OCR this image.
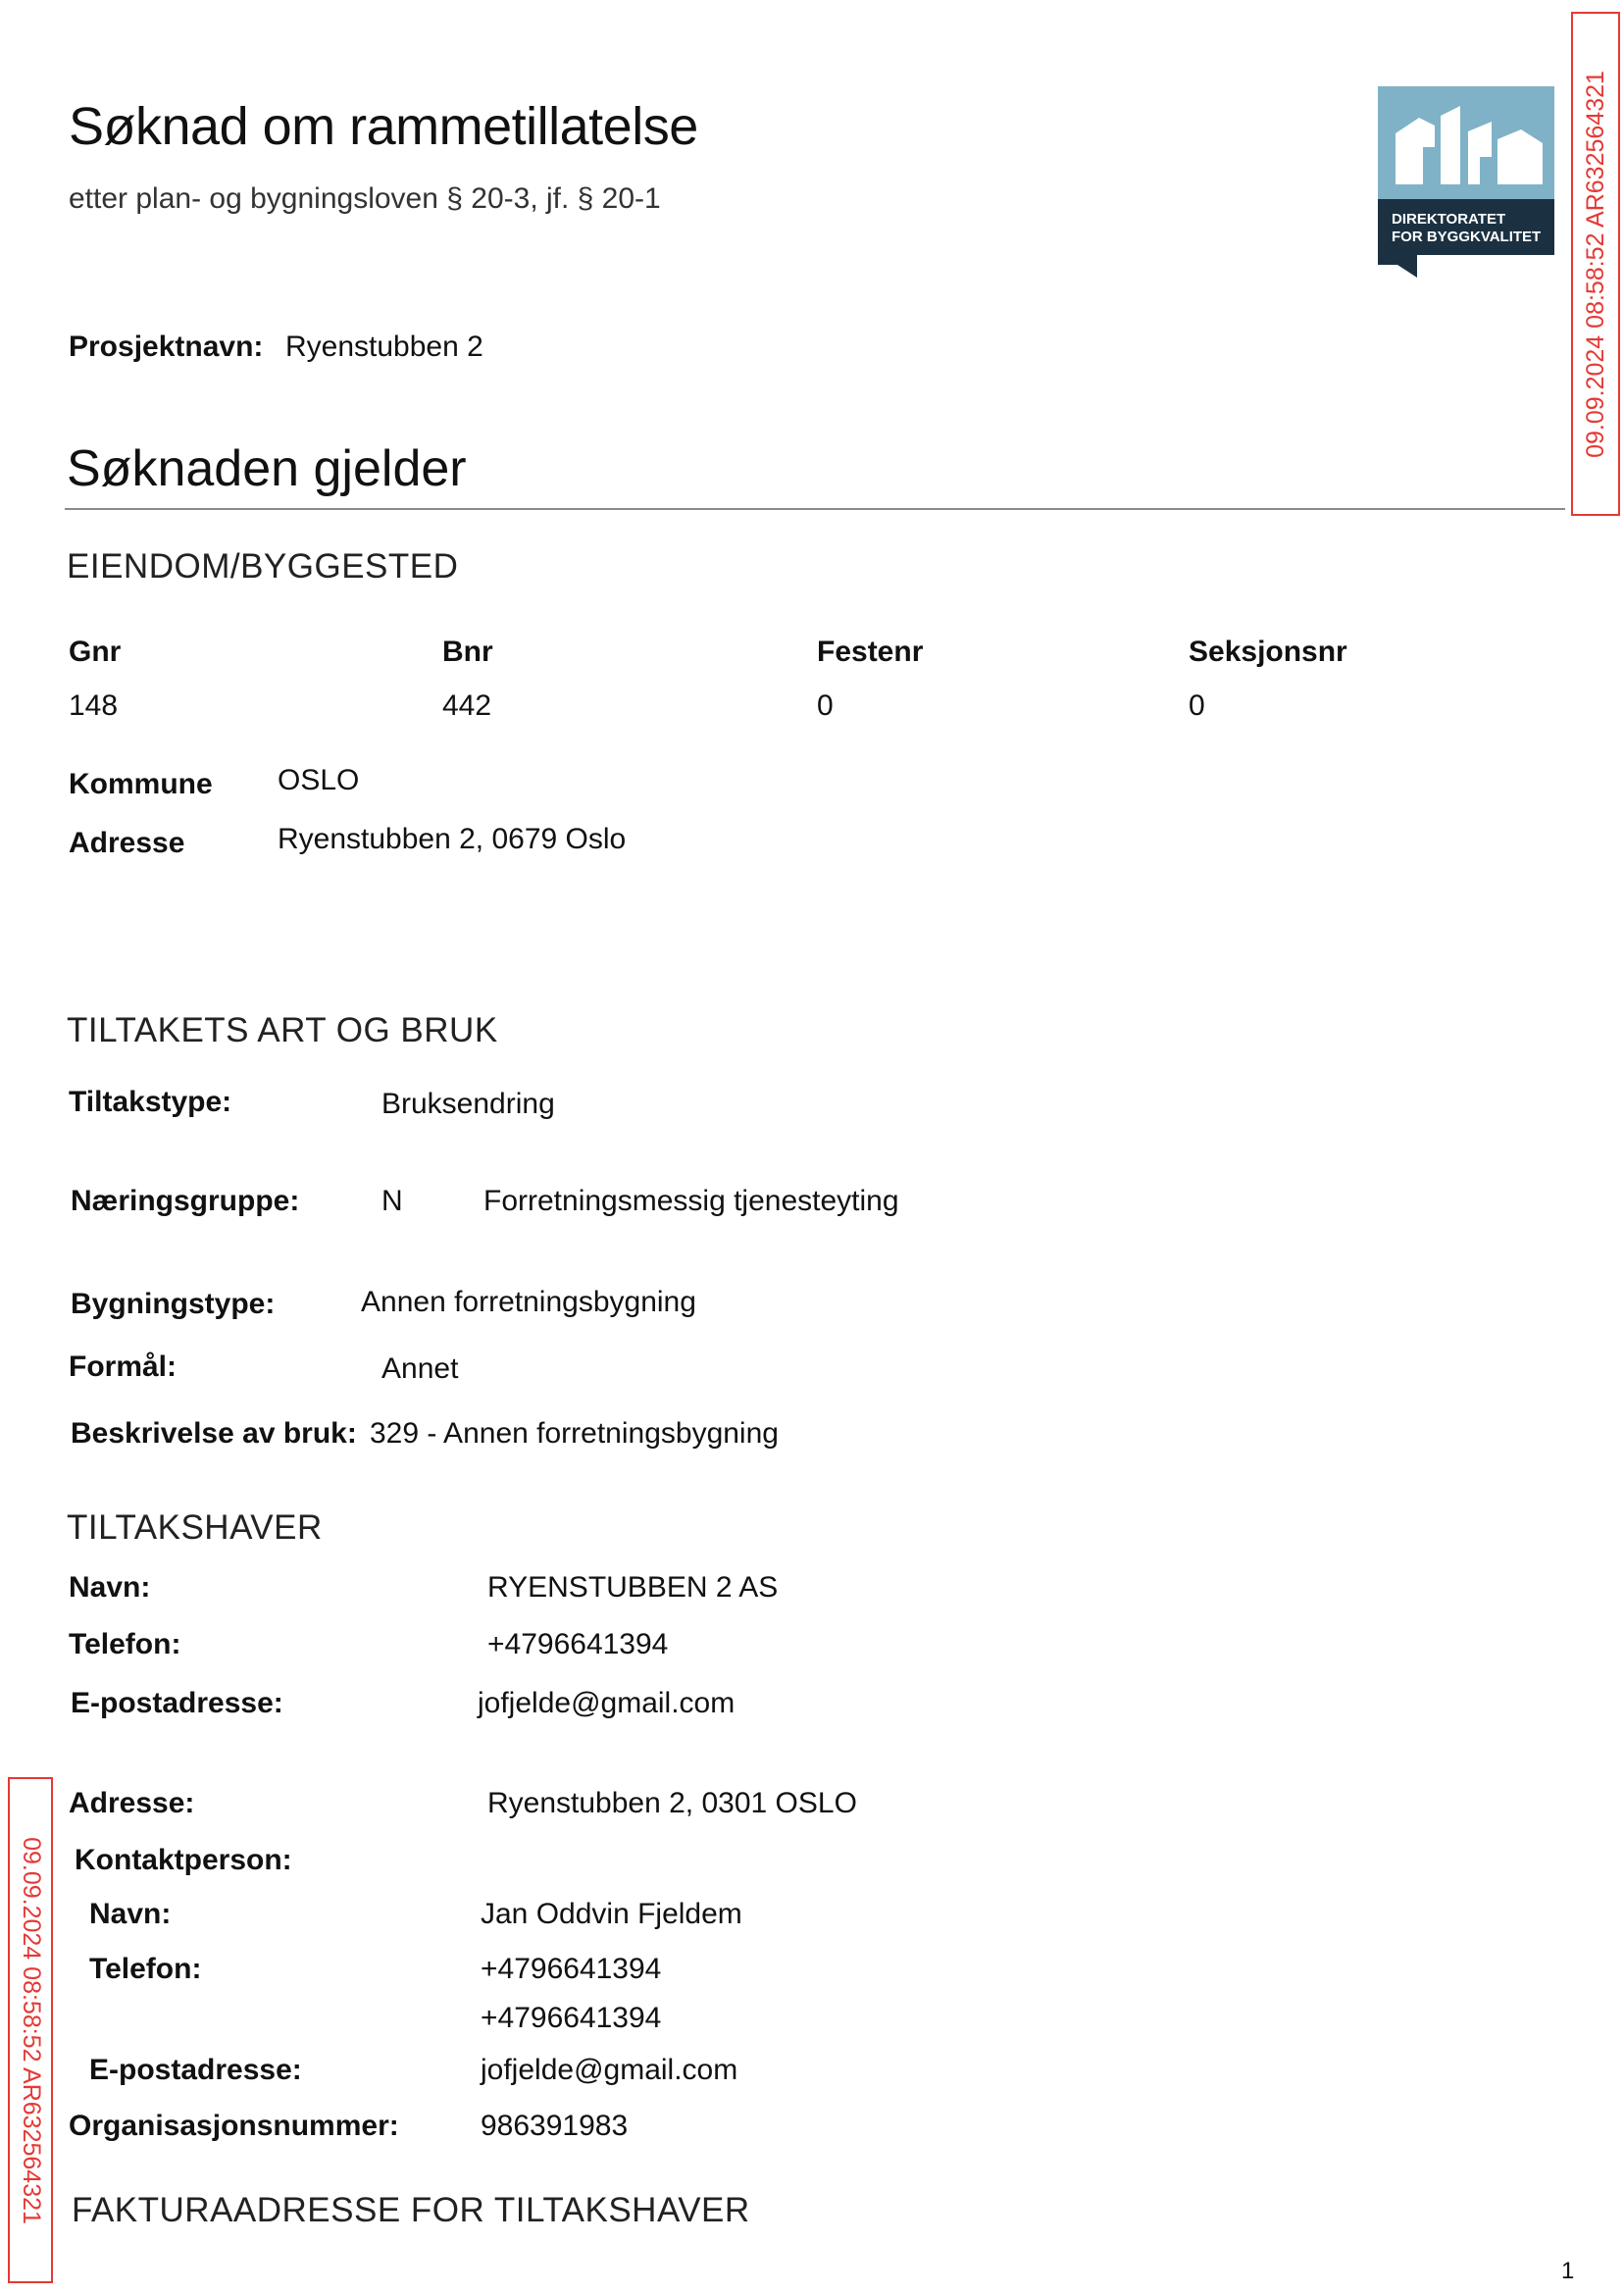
Søknad om rammetillatelse
etter plan- og bygningsloven § 20-3, jf. § 20-1
DIREKTORATET
FOR BYGGKVALITET 09.09.2024 08:58:52 AR632564321
09.09.2024 08:58:52 AR632564321
Prosjektnavn: Ryenstubben 2
Søknaden gjelder
EIENDOM/BYGGESTED
Gnr	Bnr	Festenr	Seksjonsnr
148	442	0	0
Kommune OSLO
Adresse	Ryenstubben 2, 0679 Oslo
TILTAKETS ART OG BRUK
Tiltakstype:	Bruksendring
Næringsgruppe:	N	Forretningsmessig tjenesteyting
Bygningstype:	Annen forretningsbygning
Formål:	Annet
Beskrivelse av bruk: 329 - Annen forretningsbygning
TILTAKSHAVER
Navn:	RYENSTUBBEN 2 AS
Telefon:	+4796641394
E-postadresse:	jofjelde@gmail.com
Adresse:	Ryenstubben 2, 0301 OSLO
Kontaktperson:
Navn:	Jan Oddvin Fjeldem
Telefon:	+4796641394
+4796641394
E-postadresse:	jofjelde@gmail.com
Organisasjonsnummer:	986391983
FAKTURAADRESSE FOR TILTAKSHAVER
1
